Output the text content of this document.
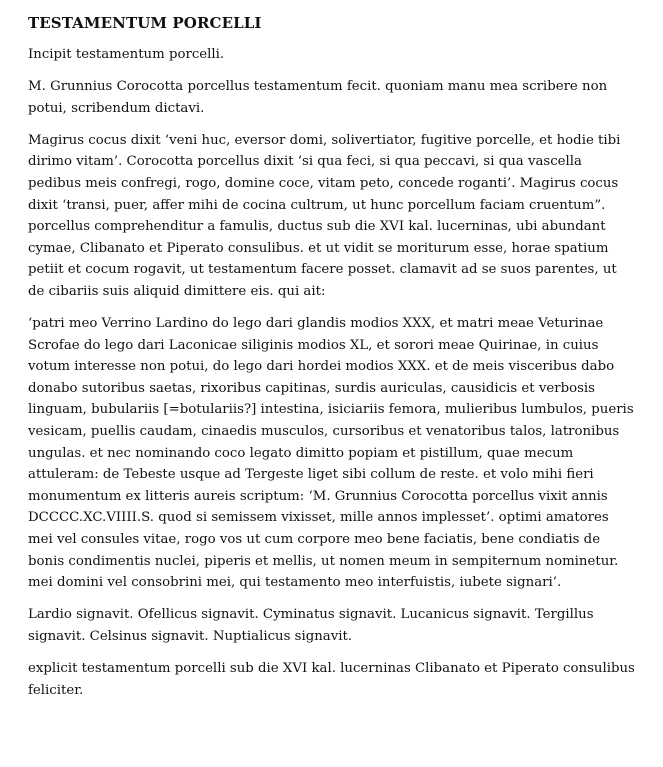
TESTAMENTUM PORCELLI

Incipit testamentum porcelli.

M. Grunnius Corocotta porcellus testamentum fecit. quoniam manu mea scribere non potui, scribendum dictavi.

Magirus cocus dixit ‘veni huc, eversor domi, solivertiator, fugitive porcelle, et hodie tibi dirimo vitam’. Corocotta porcellus dixit ‘si qua feci, si qua peccavi, si qua vascella pedibus meis confregi, rogo, domine coce, vitam peto, concede roganti’. Magirus cocus dixit ‘transi, puer, affer mihi de cocina cultrum, ut hunc porcellum faciam cruentum”. porcellus comprehenditur a famulis, ductus sub die XVI kal. lucerninas, ubi abundant cymae, Clibanato et Piperato consulibus. et ut vidit se moriturum esse, horae spatium petiit et cocum rogavit, ut testamentum facere posset. clamavit ad se suos parentes, ut de cibariis suis aliquid dimittere eis. qui ait:

‘patri meo Verrino Lardino do lego dari glandis modios XXX, et matri meae Veturinae Scrofae do lego dari Laconicae siliginis modios XL, et sorori meae Quirinae, in cuius votum interesse non potui, do lego dari hordei modios XXX. et de meis visceribus dabo donabo sutoribus saetas, rixoribus capitinas, surdis auriculas, causidicis et verbosis linguam, bubulariis [=botulariis?] intestina, isiciariis femora, mulieribus lumbulos, pueris vesicam, puellis caudam, cinaedis musculos, cursoribus et venatoribus talos, latronibus ungulas. et nec nominando coco legato dimitto popiam et pistillum, quae mecum attuleram: de Tebeste usque ad Tergeste liget sibi collum de reste. et volo mihi fieri monumentum ex litteris aureis scriptum: ‘M. Grunnius Corocotta porcellus vixit annis DCCCC.XC.VIIII.S. quod si semissem vixisset, mille annos implesset’. optimi amatores mei vel consules vitae, rogo vos ut cum corpore meo bene faciatis, bene condiatis de bonis condimentis nuclei, piperis et mellis, ut nomen meum in sempiternum nominetur. mei domini vel consobrini mei, qui testamento meo interfuistis, iubete signari’.

Lardio signavit. Ofellicus signavit. Cyminatus signavit. Lucanicus signavit. Tergillus signavit. Celsinus signavit. Nuptialicus signavit.

explicit testamentum porcelli sub die XVI kal. lucerninas Clibanato et Piperato consulibus feliciter.
